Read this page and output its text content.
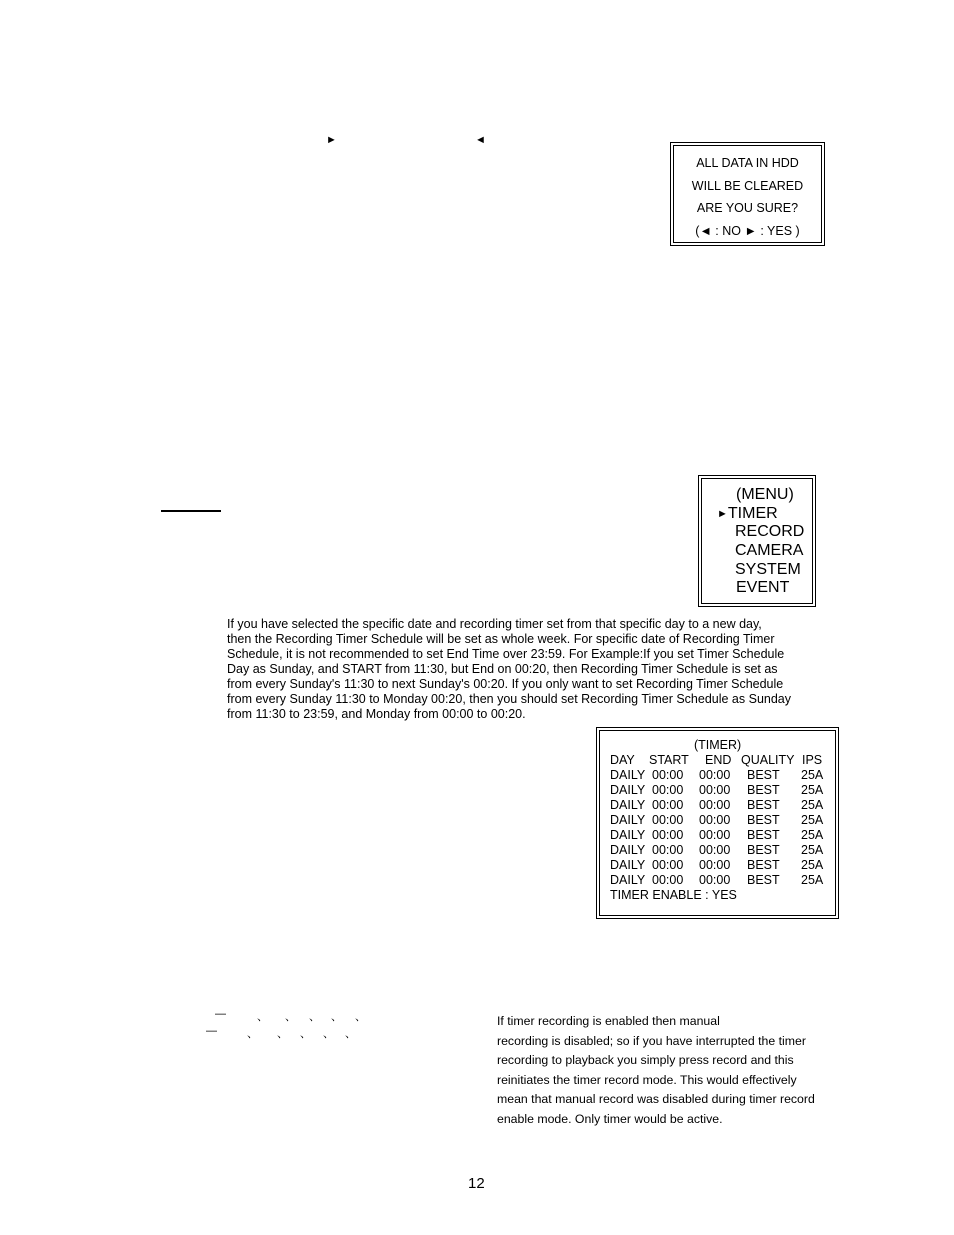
►	◄
ALL DATA IN HDD
WILL BE CLEARED
ARE YOU SURE?
(◄ : NO ► : YES )
(MENU)
►TIMER
RECORD
CAMERA
SYSTEM
EVENT
If you have selected the specific date and recording timer set from that specific day to a new day,
then the Recording Timer Schedule will be set as whole week. For specific date of Recording Timer
Schedule, it is not recommended to set End Time over 23:59. For Example:If you set Timer Schedule
Day as Sunday, and START from 11:30, but End on 00:20, then Recording Timer Schedule is set as
from every Sunday's 11:30 to next Sunday's 00:20. If you only want to set Recording Timer Schedule
from every Sunday 11:30 to Monday 00:20, then you should set Recording Timer Schedule as Sunday
from 11:30 to 23:59, and Monday from 00:00 to 00:20.
(TIMER)
DAY START END QUALITY IPS
DAILY 00:00 00:00 BEST 25A
DAILY 00:00 00:00 BEST 25A
DAILY 00:00 00:00 BEST 25A
DAILY 00:00 00:00 BEST 25A
DAILY 00:00 00:00 BEST 25A
DAILY 00:00 00:00 BEST 25A
DAILY 00:00 00:00 BEST 25A
DAILY 00:00 00:00 BEST 25A
TIMER ENABLE : YES
—	、 、 、 、 、
—	、 、 、 、 、
If timer recording is enabled then manual
recording is disabled; so if you have interrupted the timer
recording to playback you simply press record and this
reinitiates the timer record mode. This would effectively
mean that manual record was disabled during timer record
enable mode. Only timer would be active.
12
